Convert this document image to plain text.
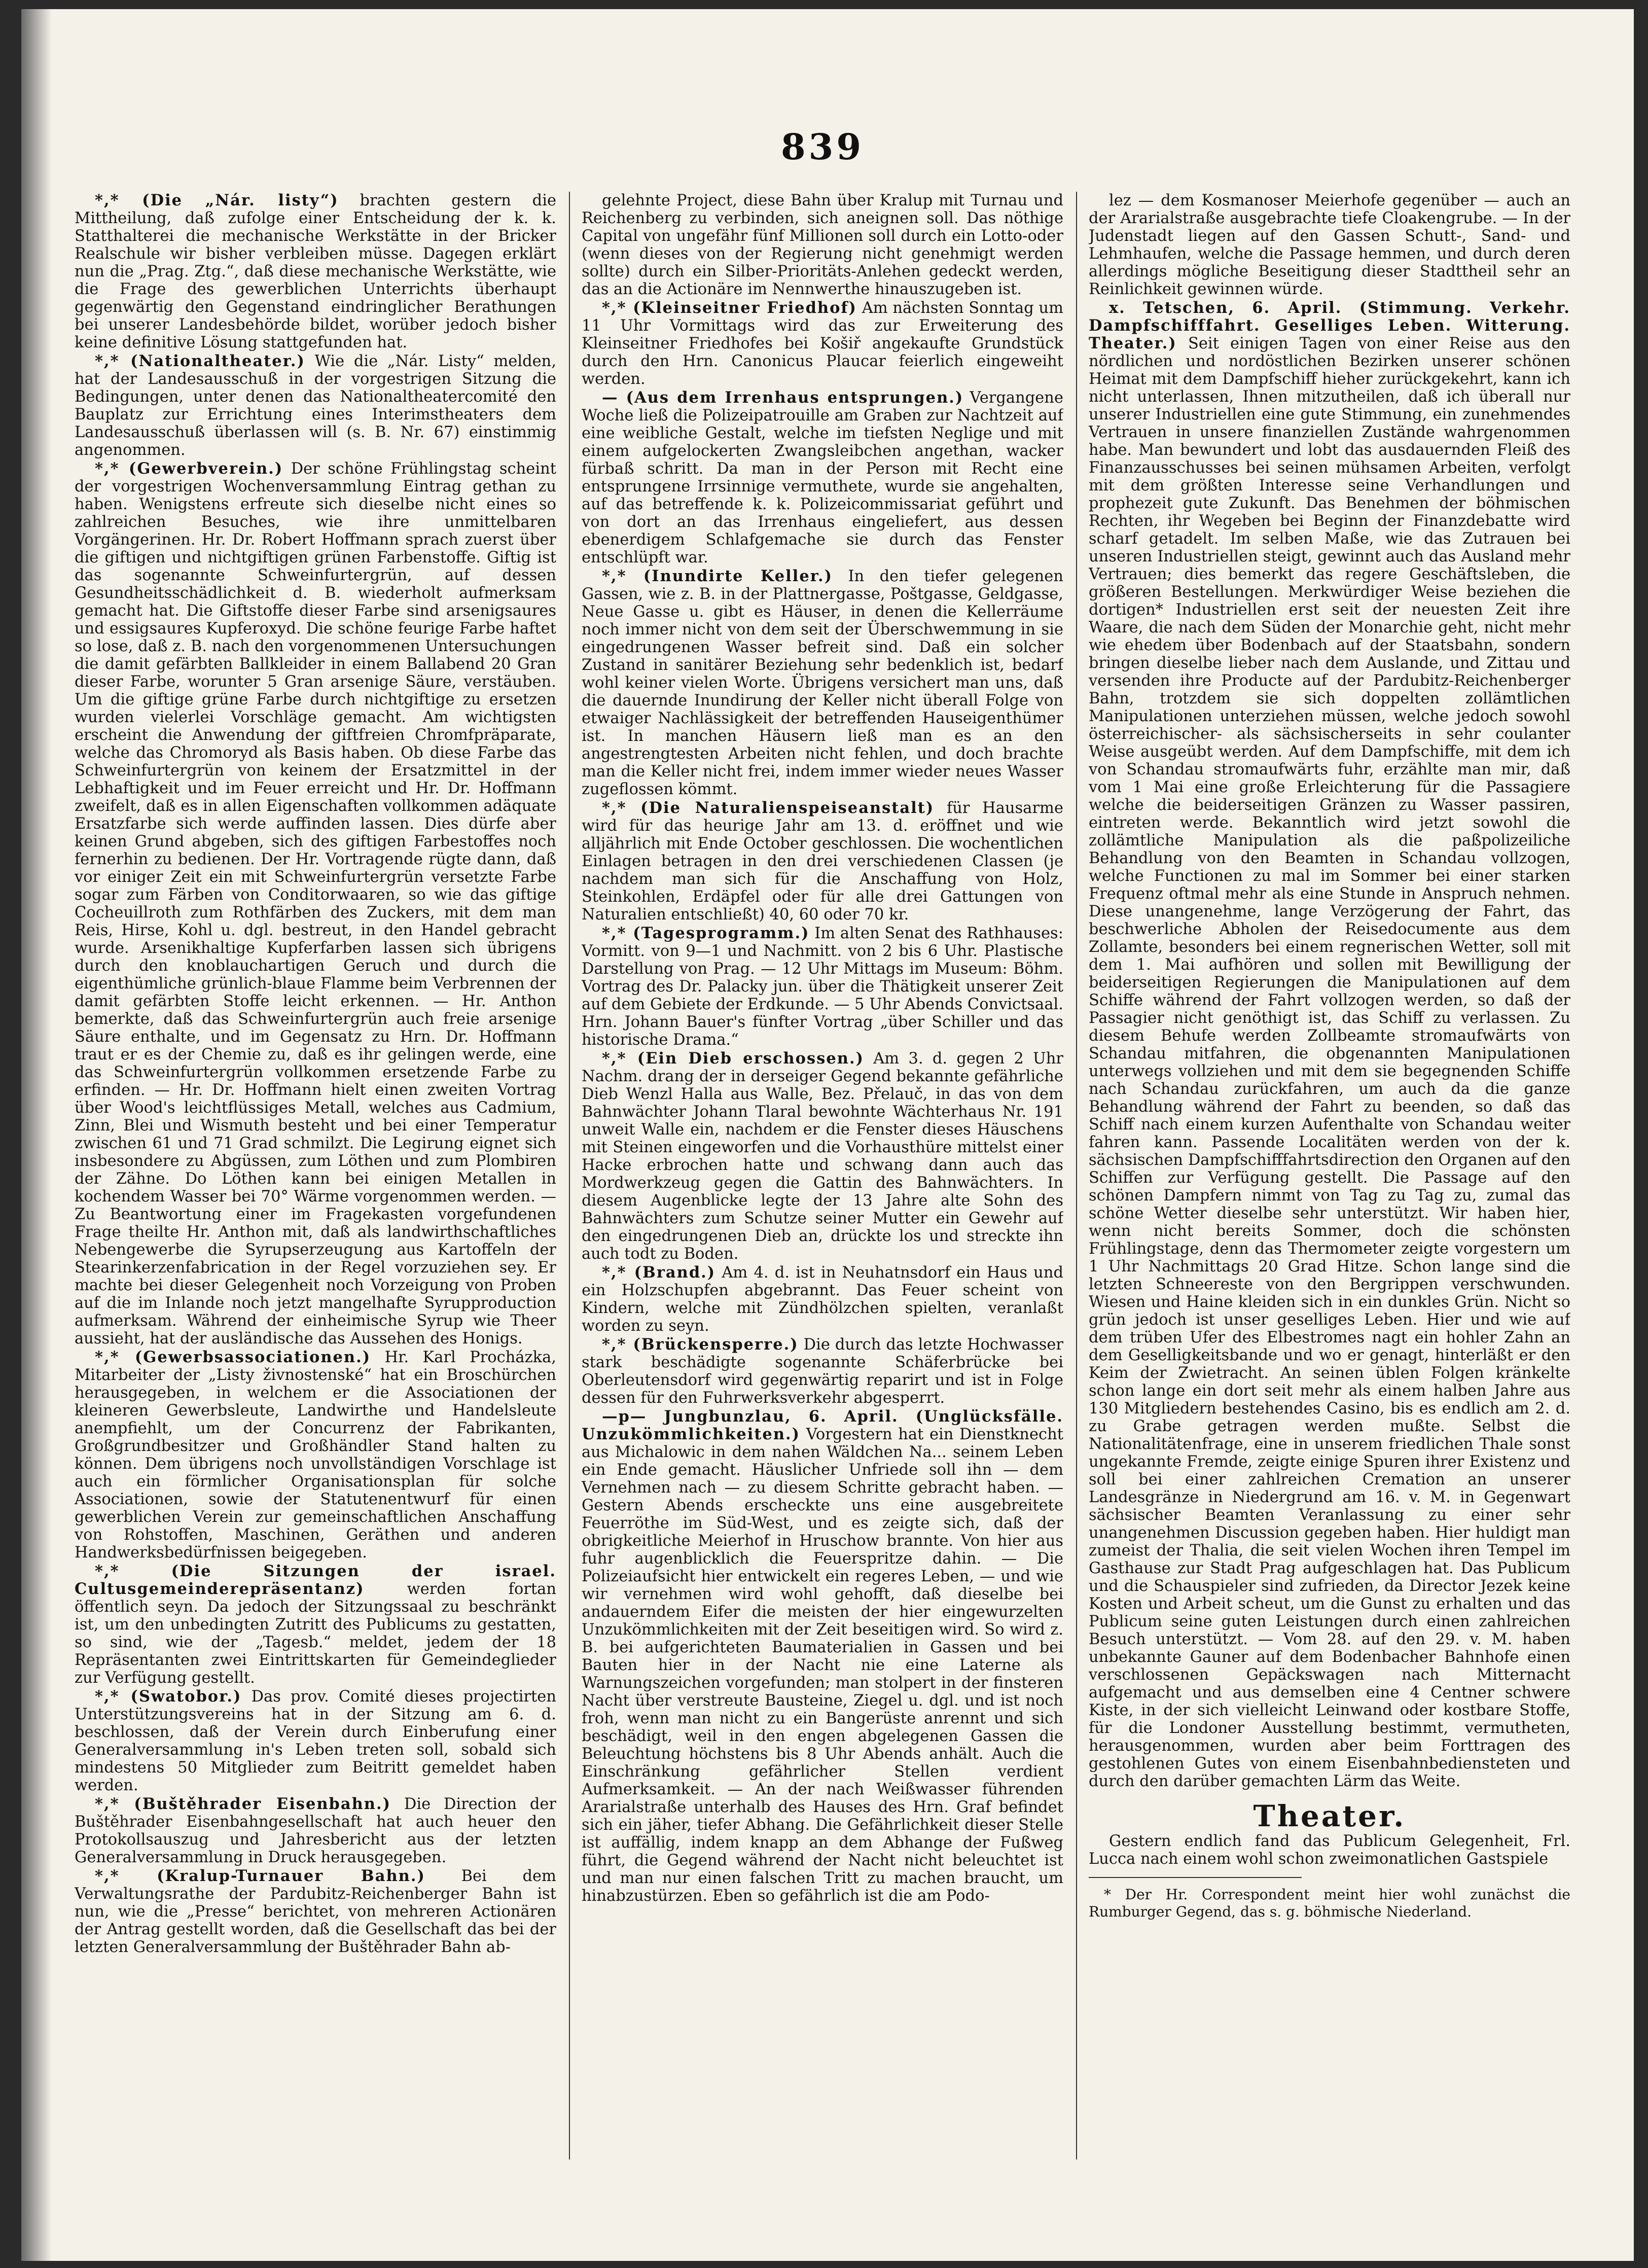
839

*,* (Die „Nár. listy“) brachten gestern die Mittheilung, daß zufolge einer Entscheidung der k. k. Statthalterei die mechanische Werkstätte in der Bricker Realschule wir bisher verbleiben müsse. Dagegen erklärt nun die „Prag. Ztg.“, daß diese mechanische Werkstätte, wie die Frage des gewerblichen Unterrichts überhaupt gegenwärtig den Gegenstand eindringlicher Berathungen bei unserer Landesbehörde bildet, worüber jedoch bisher keine definitive Lösung stattgefunden hat.

*,* (Nationaltheater.) Wie die „Nár. Listy“ melden, hat der Landesausschuß in der vorgestrigen Sitzung die Bedingungen, unter denen das Nationaltheatercomité den Bauplatz zur Errichtung eines Interimstheaters dem Landesausschuß überlassen will (s. B. Nr. 67) einstimmig angenommen.

*,* (Gewerbverein.) Der schöne Frühlingstag scheint der vorgestrigen Wochenversammlung Eintrag gethan zu haben. Wenigstens erfreute sich dieselbe nicht eines so zahlreichen Besuches, wie ihre unmittelbaren Vorgängerinen. Hr. Dr. Robert Hoffmann sprach zuerst über die giftigen und nichtgiftigen grünen Farbenstoffe. Giftig ist das sogenannte Schweinfurtergrün, auf dessen Gesundheitsschädlichkeit d. B. wiederholt aufmerksam gemacht hat. Die Giftstoffe dieser Farbe sind arsenigsaures und essigsaures Kupferoxyd. Die schöne feurige Farbe haftet so lose, daß z. B. nach den vorgenommenen Untersuchungen die damit gefärbten Ballkleider in einem Ballabend 20 Gran dieser Farbe, worunter 5 Gran arsenige Säure, verstäuben. Um die giftige grüne Farbe durch nichtgiftige zu ersetzen wurden vielerlei Vorschläge gemacht. Am wichtigsten erscheint die Anwendung der giftfreien Chromfpräparate, welche das Chromoryd als Basis haben. Ob diese Farbe das Schweinfurtergrün von keinem der Ersatzmittel in der Lebhaftigkeit und im Feuer erreicht und Hr. Dr. Hoffmann zweifelt, daß es in allen Eigenschaften vollkommen adäquate Ersatzfarbe sich werde auffinden lassen. Dies dürfe aber keinen Grund abgeben, sich des giftigen Farbestoffes noch fernerhin zu bedienen. Der Hr. Vortragende rügte dann, daß vor einiger Zeit ein mit Schweinfurtergrün versetzte Farbe sogar zum Färben von Conditorwaaren, so wie das giftige Cocheuillroth zum Rothfärben des Zuckers, mit dem man Reis, Hirse, Kohl u. dgl. bestreut, in den Handel gebracht wurde. Arsenikhaltige Kupferfarben lassen sich übrigens durch den knoblauchartigen Geruch und durch die eigenthümliche grünlich-blaue Flamme beim Verbrennen der damit gefärbten Stoffe leicht erkennen. — Hr. Anthon bemerkte, daß das Schweinfurtergrün auch freie arsenige Säure enthalte, und im Gegensatz zu Hrn. Dr. Hoffmann traut er es der Chemie zu, daß es ihr gelingen werde, eine das Schweinfurtergrün vollkommen ersetzende Farbe zu erfinden. — Hr. Dr. Hoffmann hielt einen zweiten Vortrag über Wood's leichtflüssiges Metall, welches aus Cadmium, Zinn, Blei und Wismuth besteht und bei einer Temperatur zwischen 61 und 71 Grad schmilzt. Die Legirung eignet sich insbesondere zu Abgüssen, zum Löthen und zum Plombiren der Zähne. Do Löthen kann bei einigen Metallen in kochendem Wasser bei 70° Wärme vorgenommen werden. — Zu Beantwortung einer im Fragekasten vorgefundenen Frage theilte Hr. Anthon mit, daß als landwirthschaftliches Nebengewerbe die Syrupserzeugung aus Kartoffeln der Stearinkerzenfabrication in der Regel vorzuziehen sey. Er machte bei dieser Gelegenheit noch Vorzeigung von Proben auf die im Inlande noch jetzt mangelhafte Syrupproduction aufmerksam. Während der einheimische Syrup wie Theer aussieht, hat der ausländische das Aussehen des Honigs.

*,* (Gewerbsassociationen.) Hr. Karl Procházka, Mitarbeiter der „Listy živnostenské“ hat ein Broschürchen herausgegeben, in welchem er die Associationen der kleineren Gewerbsleute, Landwirthe und Handelsleute anempfiehlt, um der Concurrenz der Fabrikanten, Großgrundbesitzer und Großhändler Stand halten zu können. Dem übrigens noch unvollständigen Vorschlage ist auch ein förmlicher Organisationsplan für solche Associationen, sowie der Statutenentwurf für einen gewerblichen Verein zur gemeinschaftlichen Anschaffung von Rohstoffen, Maschinen, Geräthen und anderen Handwerksbedürfnissen beigegeben.

*,* (Die Sitzungen der israel. Cultusgemeinderepräsentanz)	werden fortan öffentlich seyn. Da jedoch der Sitzungssaal zu beschränkt ist, um den unbedingten Zutritt des Publicums zu gestatten, so sind, wie der „Tagesb.“ meldet, jedem der 18 Repräsentanten zwei Eintrittskarten für Gemeindeglieder zur Verfügung gestellt.

*,* (Swatobor.) Das prov. Comité dieses projectirten Unterstützungsvereins hat in der Sitzung am 6. d. beschlossen, daß der Verein durch Einberufung einer Generalversammlung in's Leben treten soll, sobald sich mindestens 50 Mitglieder zum Beitritt gemeldet haben werden.

*,* (Buštěhrader Eisenbahn.) Die Direction der Buštěhrader Eisenbahngesellschaft hat auch heuer den Protokollsauszug und Jahresbericht aus der letzten Generalversammlung in Druck herausgegeben.

*,* (Kralup-Turnauer Bahn.) Bei dem Verwaltungsrathe der Pardubitz-Reichenberger Bahn ist nun, wie die „Presse“ berichtet, von mehreren Actionären der Antrag gestellt worden, daß die Gesellschaft das bei der letzten Generalversammlung der Buštěhrader Bahn ab-

gelehnte Project, diese Bahn über Kralup mit Turnau und Reichenberg zu verbinden, sich aneignen soll. Das nöthige Capital von ungefähr fünf Millionen soll durch ein Lotto-oder (wenn dieses von der Regierung nicht genehmigt werden sollte) durch ein Silber-Prioritäts-Anlehen gedeckt werden, das an die Actionäre im Nennwerthe hinauszugeben ist.

*,* (Kleinseitner Friedhof) Am nächsten Sonntag um 11 Uhr Vormittags wird das zur Erweiterung des Kleinseitner Friedhofes bei Košiř angekaufte Grundstück durch den Hrn. Canonicus Plaucar feierlich eingeweiht werden.

— (Aus dem Irrenhaus entsprungen.) Vergangene Woche ließ die Polizeipatrouille am Graben zur Nachtzeit auf eine weibliche Gestalt, welche im tiefsten Neglige und mit einem aufgelockerten Zwangsleibchen angethan, wacker fürbaß schritt. Da man in der Person mit Recht eine entsprungene Irrsinnige vermuthete, wurde sie angehalten, auf das betreffende k. k. Polizeicommissariat geführt und von dort an das Irrenhaus eingeliefert, aus dessen ebenerdigem Schlafgemache sie durch das Fenster entschlüpft war.

*,* (Inundirte Keller.) In den tiefer gelegenen Gassen, wie z. B. in der Plattnergasse, Poštgasse, Geldgasse, Neue Gasse u. gibt es Häuser, in denen die Kellerräume noch immer nicht von dem seit der Überschwemmung in sie eingedrungenen Wasser befreit sind. Daß ein solcher Zustand in sanitärer Beziehung sehr bedenklich ist, bedarf wohl keiner vielen Worte. Übrigens versichert man uns, daß die dauernde Inundirung der Keller nicht überall Folge von etwaiger Nachlässigkeit der betreffenden Hauseigenthümer ist. In manchen Häusern ließ man es an den angestrengtesten Arbeiten nicht fehlen, und doch brachte man die Keller nicht frei, indem immer wieder neues Wasser zugeflossen kömmt.

*,* (Die Naturalienspeiseanstalt) für Hausarme wird für das heurige Jahr am 13. d. eröffnet und wie alljährlich mit Ende October geschlossen. Die wochentlichen Einlagen betragen in den drei verschiedenen Classen (je nachdem man sich für die Anschaffung von Holz, Steinkohlen, Erdäpfel oder für alle drei Gattungen von Naturalien entschließt) 40, 60 oder 70 kr.

*,* (Tagesprogramm.) Im alten Senat des Rathhauses: Vormitt. von 9—1 und Nachmitt. von 2 bis 6 Uhr. Plastische Darstellung von Prag. — 12 Uhr Mittags im Museum: Böhm. Vortrag des Dr. Palacky jun. über die Thätigkeit unserer Zeit auf dem Gebiete der Erdkunde. — 5 Uhr Abends Convictsaal. Hrn. Johann Bauer's fünfter Vortrag „über Schiller und das historische Drama.“

*,* (Ein Dieb erschossen.) Am 3. d. gegen 2 Uhr Nachm. drang der in derseiger Gegend bekannte gefährliche Dieb Wenzl Halla aus Walle, Bez. Přelauč, in das von dem Bahnwächter Johann Tlaral bewohnte Wächterhaus Nr. 191 unweit Walle ein, nachdem er die Fenster dieses Häuschens mit Steinen eingeworfen und die Vorhausthüre mittelst einer Hacke erbrochen hatte und schwang dann auch das Mordwerkzeug gegen die Gattin des Bahnwächters. In diesem Augenblicke legte der 13 Jahre alte Sohn des Bahnwächters zum Schutze seiner Mutter ein Gewehr auf den eingedrungenen Dieb an, drückte los und streckte ihn auch todt zu Boden.

*,* (Brand.) Am 4. d. ist in Neuhatnsdorf ein Haus und ein Holzschupfen abgebrannt. Das Feuer scheint von Kindern, welche mit Zündhölzchen spielten, veranlaßt worden zu seyn.

*,* (Brückensperre.) Die durch das letzte Hochwasser stark beschädigte sogenannte Schäferbrücke bei Oberleutensdorf wird gegenwärtig reparirt und ist in Folge dessen für den Fuhrwerksverkehr abgesperrt.

—p— Jungbunzlau, 6. April. (Unglücksfälle. Unzukömmlichkeiten.) Vorgestern hat ein Dienstknecht aus Michalowic in dem nahen Wäldchen Na... seinem Leben ein Ende gemacht. Häuslicher Unfriede soll ihn — dem Vernehmen nach — zu diesem Schritte gebracht haben. — Gestern Abends erscheckte uns eine ausgebreitete Feuerröthe im Süd-West, und es zeigte sich, daß der obrigkeitliche Meierhof in Hruschow brannte. Von hier aus fuhr augenblicklich die Feuerspritze dahin. — Die Polizeiaufsicht hier entwickelt ein regeres Leben, — und wie wir vernehmen wird wohl gehofft, daß dieselbe bei andauerndem Eifer die meisten der hier eingewurzelten Unzukömmlichkeiten mit der Zeit beseitigen wird. So wird z. B. bei aufgerichteten Baumaterialien in Gassen und bei Bauten hier in der Nacht nie eine Laterne als Warnungszeichen vorgefunden; man stolpert in der finsteren Nacht über verstreute Bausteine, Ziegel u. dgl. und ist noch froh, wenn man nicht zu ein Bangerüste anrennt und sich beschädigt, weil in den engen abgelegenen Gassen die Beleuchtung höchstens bis 8 Uhr Abends anhält. Auch die Einschränkung gefährlicher Stellen verdient Aufmerksamkeit. — An der nach Weißwasser führenden Ararialstraße unterhalb des Hauses des Hrn. Graf befindet sich ein jäher, tiefer Abhang. Die Gefährlichkeit dieser Stelle ist auffällig, indem knapp an dem Abhange der Fußweg führt, die Gegend während der Nacht nicht beleuchtet ist und man nur einen falschen Tritt zu machen braucht, um hinabzustürzen. Eben so gefährlich ist die am Podo-

lez — dem Kosmanoser Meierhofe gegenüber — auch an der Ararialstraße ausgebrachte tiefe Cloakengrube. — In der Judenstadt liegen auf den Gassen Schutt-, Sand- und Lehmhaufen, welche die Passage hemmen, und durch deren allerdings mögliche Beseitigung dieser Stadttheil sehr an Reinlichkeit gewinnen würde.

x. Tetschen, 6. April. (Stimmung. Verkehr. Dampfschifffahrt. Geselliges Leben. Witterung. Theater.) Seit einigen Tagen von einer Reise aus den nördlichen und nordöstlichen Bezirken unserer schönen Heimat mit dem Dampfschiff hieher zurückgekehrt, kann ich nicht unterlassen, Ihnen mitzutheilen, daß ich überall nur unserer Industriellen eine gute Stimmung, ein zunehmendes Vertrauen in unsere finanziellen Zustände wahrgenommen habe. Man bewundert und lobt das ausdauernden Fleiß des Finanzausschusses bei seinen mühsamen Arbeiten, verfolgt mit dem größten Interesse seine Verhandlungen und prophezeit gute Zukunft. Das Benehmen der böhmischen Rechten, ihr Wegeben bei Beginn der Finanzdebatte wird scharf getadelt. Im selben Maße, wie das Zutrauen bei unseren Industriellen steigt, gewinnt auch das Ausland mehr Vertrauen; dies bemerkt das regere Geschäftsleben, die größeren Bestellungen. Merkwürdiger Weise beziehen die dortigen* Industriellen erst seit der neuesten Zeit ihre Waare, die nach dem Süden der Monarchie geht, nicht mehr wie ehedem über Bodenbach auf der Staatsbahn, sondern bringen dieselbe lieber nach dem Auslande, und Zittau und versenden ihre Producte auf der Pardubitz-Reichenberger Bahn, trotzdem sie sich doppelten zollämtlichen Manipulationen unterziehen müssen, welche jedoch sowohl österreichischer- als sächsischerseits in sehr coulanter Weise ausgeübt werden. Auf dem Dampfschiffe, mit dem ich von Schandau stromaufwärts fuhr, erzählte man mir, daß vom 1 Mai eine große Erleichterung für die Passagiere welche die beiderseitigen Gränzen zu Wasser passiren, eintreten werde. Bekanntlich wird jetzt sowohl die zollämtliche Manipulation als die paßpolizeiliche Behandlung von den Beamten in Schandau vollzogen, welche Functionen zu mal im Sommer bei einer starken Frequenz oftmal mehr als eine Stunde in Anspruch nehmen. Diese unangenehme, lange Verzögerung der Fahrt, das beschwerliche Abholen der Reisedocumente aus dem Zollamte, besonders bei einem regnerischen Wetter, soll mit dem 1. Mai aufhören und sollen mit Bewilligung der beiderseitigen Regierungen die Manipulationen auf dem Schiffe während der Fahrt vollzogen werden, so daß der Passagier nicht genöthigt ist, das Schiff zu verlassen. Zu diesem Behufe werden Zollbeamte stromaufwärts von Schandau mitfahren, die obgenannten Manipulationen unterwegs vollziehen und mit dem sie begegnenden Schiffe nach Schandau zurückfahren, um auch da die ganze Behandlung während der Fahrt zu beenden, so daß das Schiff nach einem kurzen Aufenthalte von Schandau weiter fahren kann. Passende Localitäten werden von der k. sächsischen Dampfschifffahrtsdirection den Organen auf den Schiffen zur Verfügung gestellt. Die Passage auf den schönen Dampfern nimmt von Tag zu Tag zu, zumal das schöne Wetter dieselbe sehr unterstützt. Wir haben hier, wenn nicht bereits Sommer, doch die schönsten Frühlingstage, denn das Thermometer zeigte vorgestern um 1 Uhr Nachmittags 20 Grad Hitze. Schon lange sind die letzten Schneereste von den Bergrippen verschwunden. Wiesen und Haine kleiden sich in ein dunkles Grün. Nicht so grün jedoch ist unser geselliges Leben. Hier und wie auf dem trüben Ufer des Elbestromes nagt ein hohler Zahn an dem Geselligkeitsbande und wo er genagt, hinterläßt er den Keim der Zwietracht. An seinen üblen Folgen kränkelte schon lange ein dort seit mehr als einem halben Jahre aus 130 Mitgliedern bestehendes Casino, bis es endlich am 2. d. zu Grabe getragen werden mußte. Selbst die Nationalitätenfrage, eine in unserem friedlichen Thale sonst ungekannte Fremde, zeigte einige Spuren ihrer Existenz und soll bei einer zahlreichen Cremation an unserer Landesgränze in Niedergrund am 16. v. M. in Gegenwart sächsischer Beamten Veranlassung zu einer sehr unangenehmen Discussion gegeben haben. Hier huldigt man zumeist der Thalia, die seit vielen Wochen ihren Tempel im Gasthause zur Stadt Prag aufgeschlagen hat. Das Publicum und die Schauspieler sind zufrieden, da Director Jezek keine Kosten und Arbeit scheut, um die Gunst zu erhalten und das Publicum seine guten Leistungen durch einen zahlreichen Besuch unterstützt. — Vom 28. auf den 29. v. M. haben unbekannte Gauner auf dem Bodenbacher Bahnhofe einen verschlossenen Gepäckswagen nach Mitternacht aufgemacht und aus demselben eine 4 Centner schwere Kiste, in der sich vielleicht Leinwand oder kostbare Stoffe, für die Londoner Ausstellung bestimmt, vermutheten, herausgenommen, wurden aber beim Forttragen des gestohlenen Gutes von einem Eisenbahnbediensteten und durch den darüber gemachten Lärm das Weite.

Theater.

Gestern endlich fand das Publicum Gelegenheit, Frl. Lucca nach einem wohl schon zweimonatlichen Gastspiele

* Der Hr. Correspondent meint hier wohl zunächst die Rumburger Gegend, das s. g. böhmische Niederland.
